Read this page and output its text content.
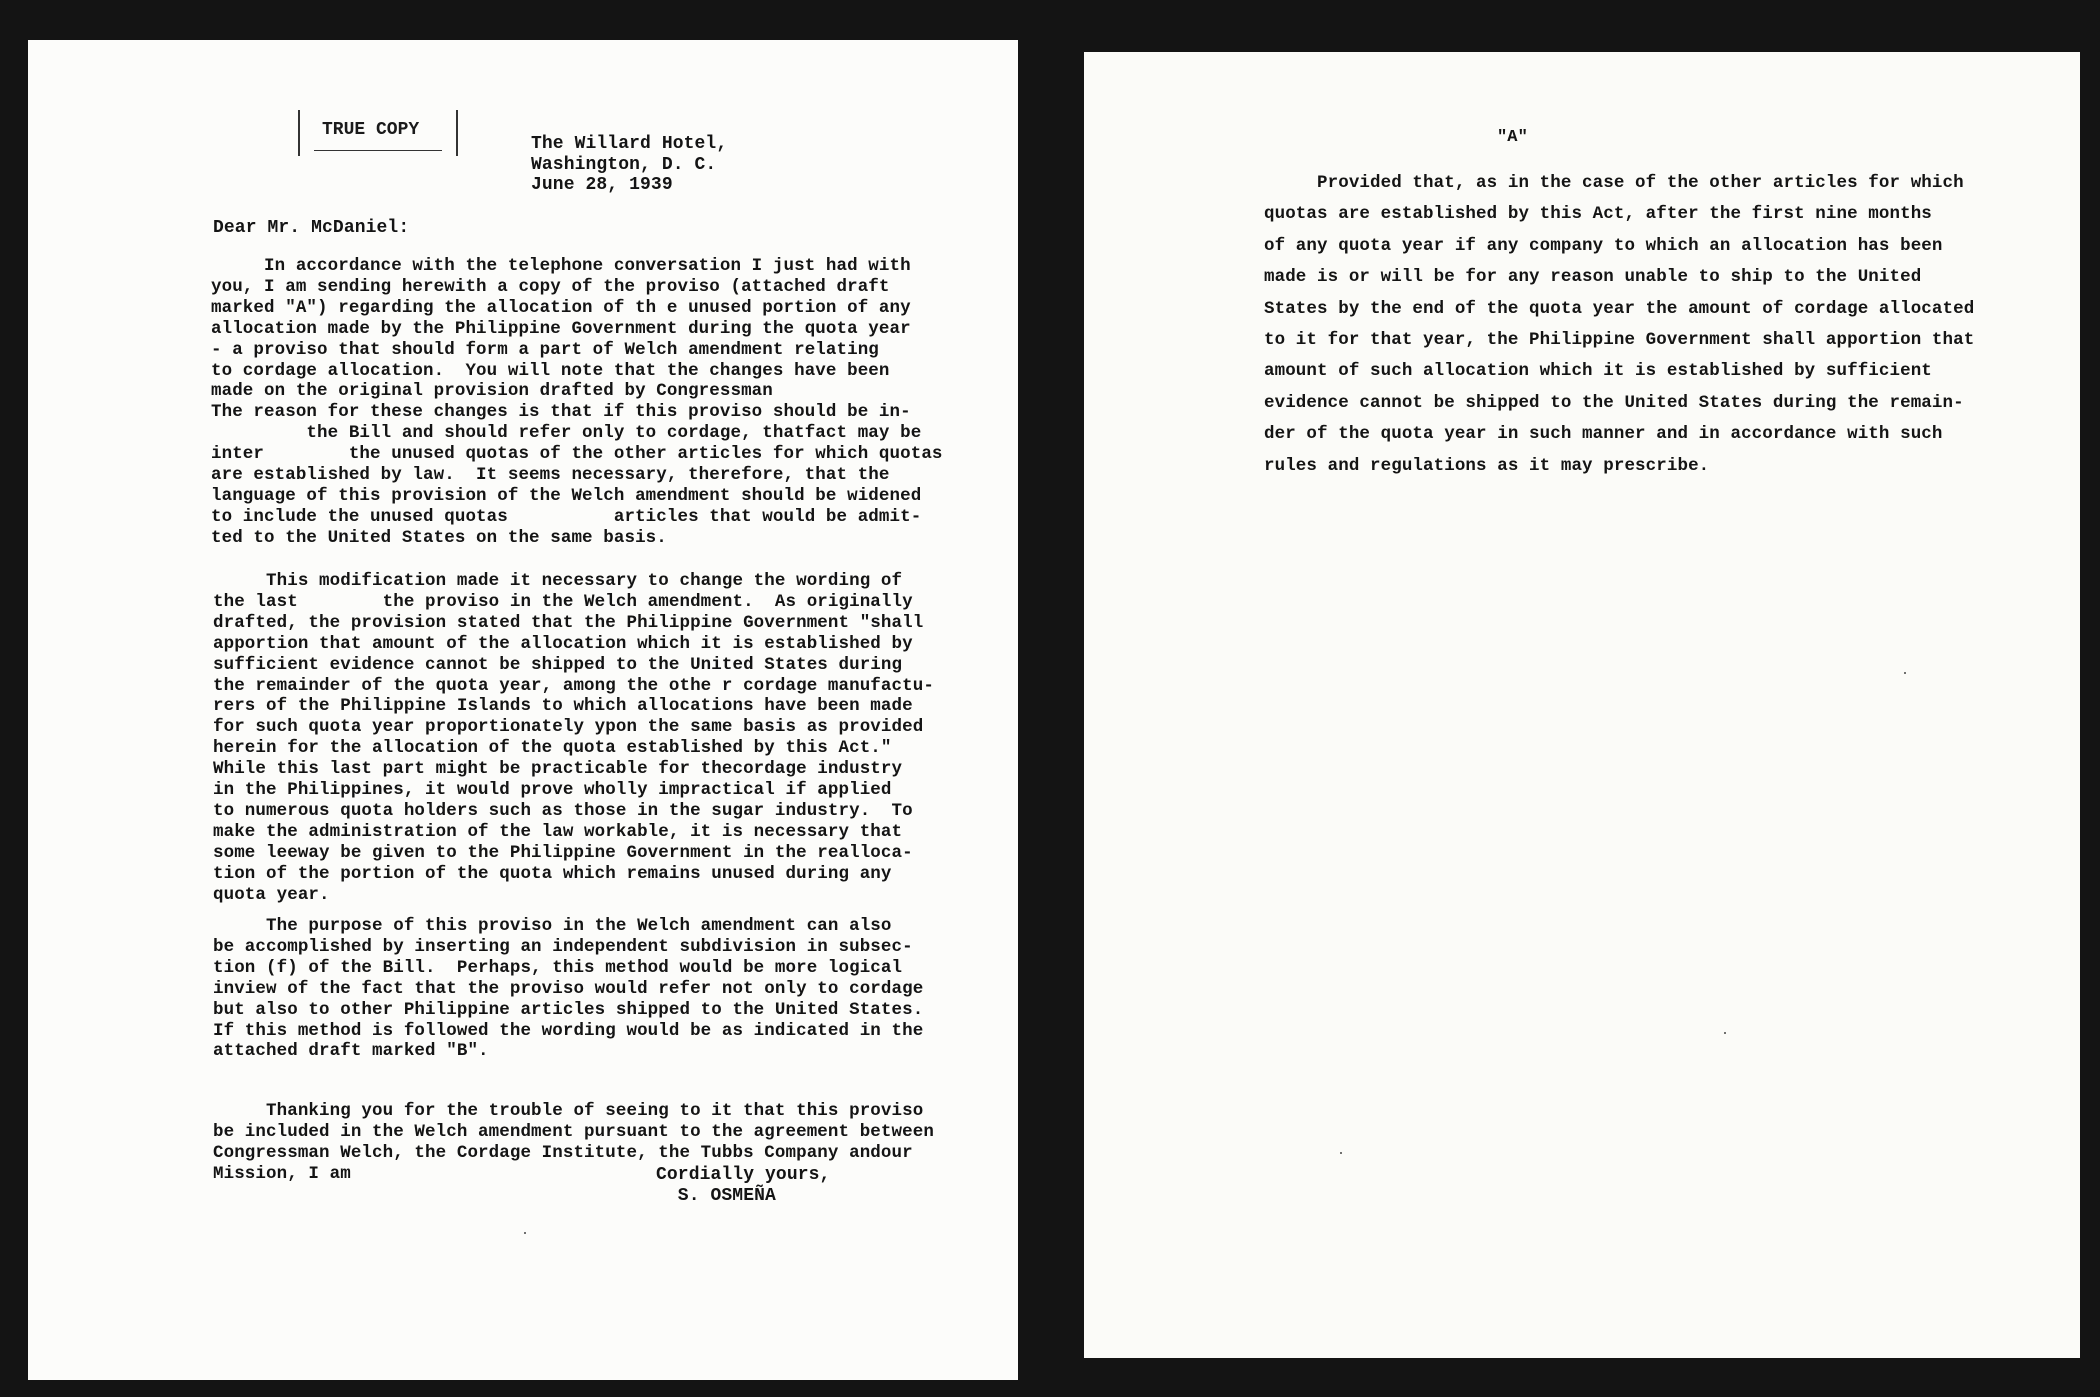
TRUE COPY
The Willard Hotel,
Washington, D. C.
June 28, 1939
Dear Mr. McDaniel:
In accordance with the telephone conversation I just had with
you, I am sending herewith a copy of the proviso (attached draft
marked "A") regarding the allocation of th e unused portion of any
allocation made by the Philippine Government during the quota year
- a proviso that should form a part of Welch amendment relating
to cordage allocation.  You will note that the changes have been
made on the original provision drafted by Congressman
The reason for these changes is that if this proviso should be in-
the Bill and should refer only to cordage, thatfact may be
inter        the unused quotas of the other articles for which quotas
are established by law.  It seems necessary, therefore, that the
language of this provision of the Welch amendment should be widened
to include the unused quotas          articles that would be admit-
ted to the United States on the same basis.
This modification made it necessary to change the wording of
the last        the proviso in the Welch amendment.  As originally
drafted, the provision stated that the Philippine Government "shall
apportion that amount of the allocation which it is established by
sufficient evidence cannot be shipped to the United States during
the remainder of the quota year, among the othe r cordage manufactu-
rers of the Philippine Islands to which allocations have been made
for such quota year proportionately ypon the same basis as provided
herein for the allocation of the quota established by this Act."
While this last part might be practicable for thecordage industry
in the Philippines, it would prove wholly impractical if applied
to numerous quota holders such as those in the sugar industry.  To
make the administration of the law workable, it is necessary that
some leeway be given to the Philippine Government in the realloca-
tion of the portion of the quota which remains unused during any
quota year.
The purpose of this proviso in the Welch amendment can also
be accomplished by inserting an independent subdivision in subsec-
tion (f) of the Bill.  Perhaps, this method would be more logical
inview of the fact that the proviso would refer not only to cordage
but also to other Philippine articles shipped to the United States.
If this method is followed the wording would be as indicated in the
attached draft marked "B".
Thanking you for the trouble of seeing to it that this proviso
be included in the Welch amendment pursuant to the agreement between
Congressman Welch, the Cordage Institute, the Tubbs Company andour
Mission, I am	Cordially yours,
S. OSMEÑA
"A"
Provided that, as in the case of the other articles for which
quotas are established by this Act, after the first nine months
of any quota year if any company to which an allocation has been
made is or will be for any reason unable to ship to the United
States by the end of the quota year the amount of cordage allocated
to it for that year, the Philippine Government shall apportion that
amount of such allocation which it is established by sufficient
evidence cannot be shipped to the United States during the remain-
der of the quota year in such manner and in accordance with such
rules and regulations as it may prescribe.
